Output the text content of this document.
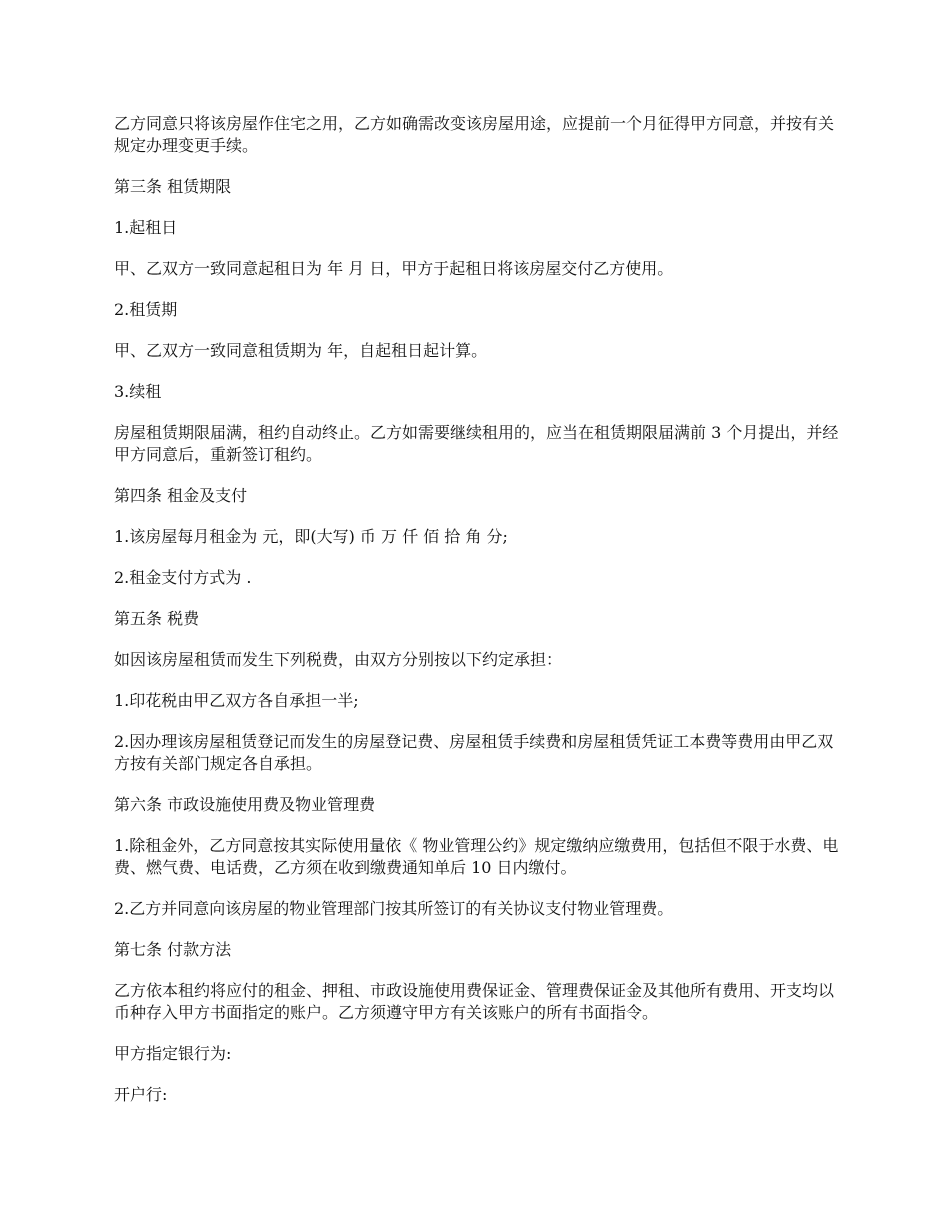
乙方同意只将该房屋作住宅之用，乙方如确需改变该房屋用途，应提前一个月征得甲方同意，并按有关规定办理变更手续。

第三条 租赁期限

1.起租日

甲、乙双方一致同意起租日为 年 月 日，甲方于起租日将该房屋交付乙方使用。

2.租赁期

甲、乙双方一致同意租赁期为 年，自起租日起计算。

3.续租

房屋租赁期限届满，租约自动终止。乙方如需要继续租用的，应当在租赁期限届满前 3 个月提出，并经甲方同意后，重新签订租约。

第四条 租金及支付

1.该房屋每月租金为 元，即(大写) 币 万 仟 佰 拾 角 分;

2.租金支付方式为 .

第五条 税费

如因该房屋租赁而发生下列税费，由双方分别按以下约定承担：

1.印花税由甲乙双方各自承担一半;

2.因办理该房屋租赁登记而发生的房屋登记费、房屋租赁手续费和房屋租赁凭证工本费等费用由甲乙双方按有关部门规定各自承担。

第六条 市政设施使用费及物业管理费

1.除租金外，乙方同意按其实际使用量依《 物业管理公约》规定缴纳应缴费用，包括但不限于水费、电费、燃气费、电话费，乙方须在收到缴费通知单后 10 日内缴付。

2.乙方并同意向该房屋的物业管理部门按其所签订的有关协议支付物业管理费。

第七条 付款方法

乙方依本租约将应付的租金、押租、市政设施使用费保证金、管理费保证金及其他所有费用、开支均以 币种存入甲方书面指定的账户。乙方须遵守甲方有关该账户的所有书面指令。

甲方指定银行为:

开户行:
